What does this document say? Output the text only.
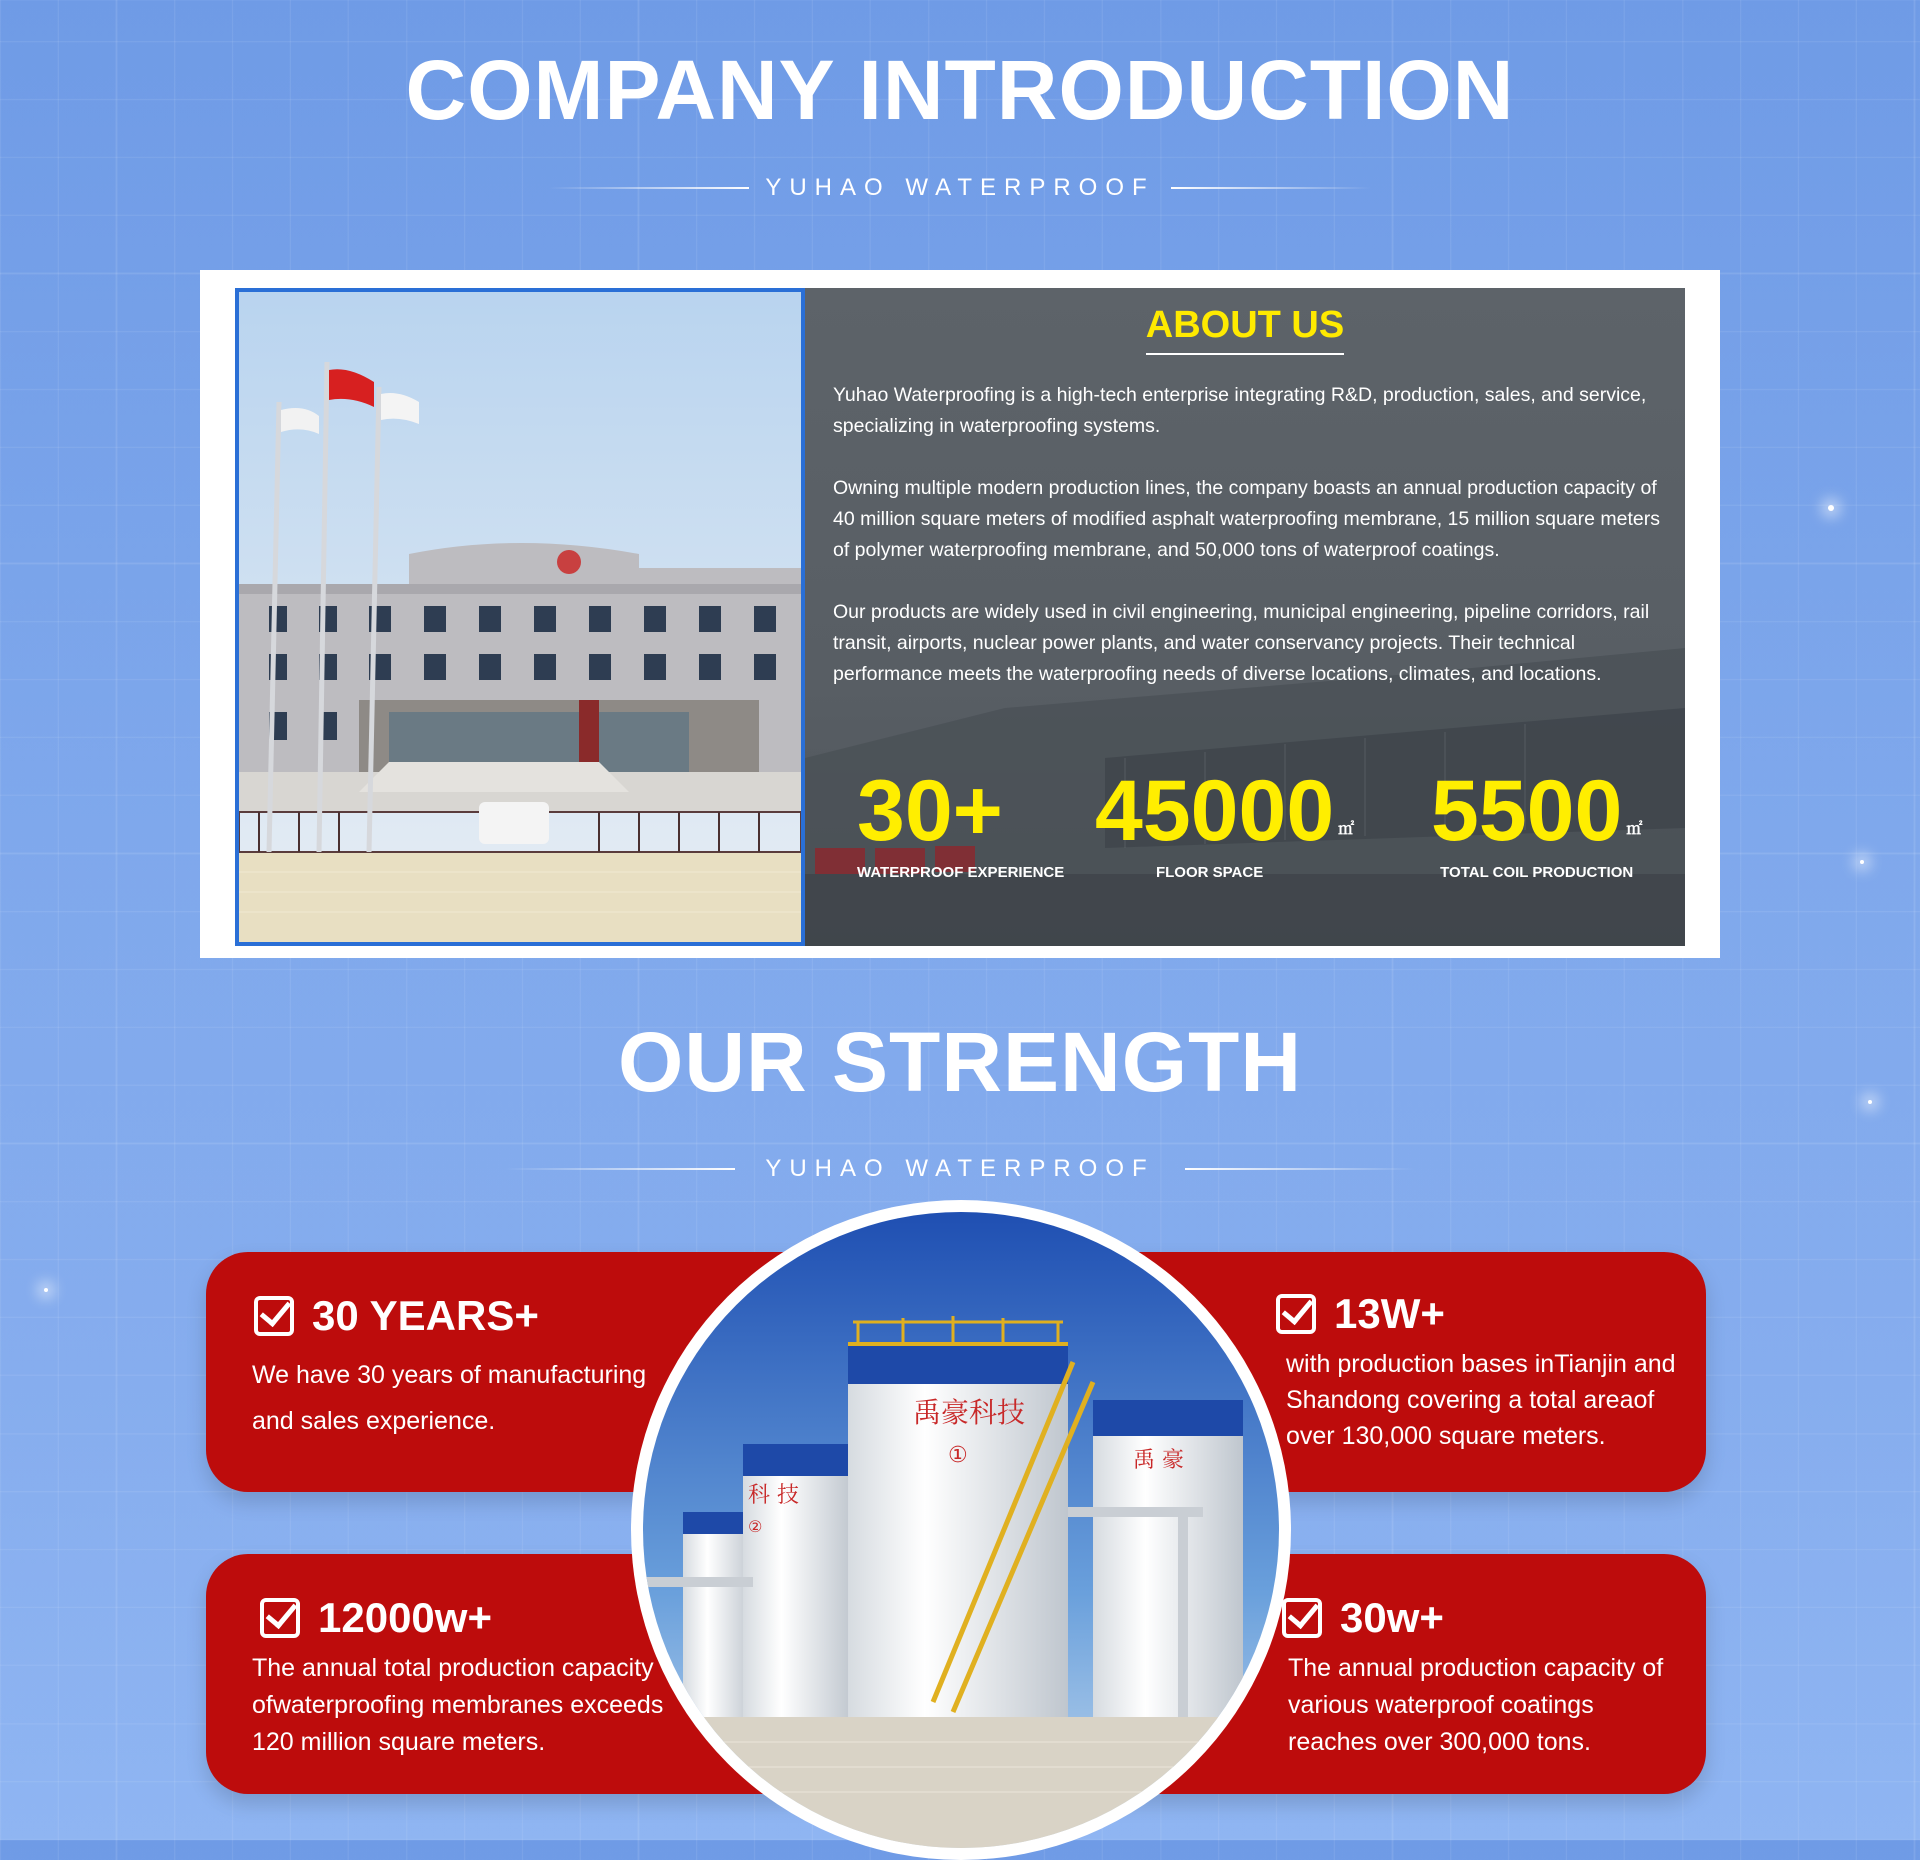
COMPANY INTRODUCTION
YUHAO WATERPROOF
ABOUT US

Yuhao Waterproofing is a high-tech enterprise integrating R&D, production, sales, and service, specializing in waterproofing systems.

Owning multiple modern production lines, the company boasts an annual production capacity of 40 million square meters of modified asphalt waterproofing membrane, 15 million square meters of polymer waterproofing membrane, and 50,000 tons of waterproof coatings.

Our products are widely used in civil engineering, municipal engineering, pipeline corridors, rail transit, airports, nuclear power plants, and water conservancy projects. Their technical performance meets the waterproofing needs of diverse locations, climates, and locations.

30+
WATERPROOF EXPERIENCE
45000 ㎡
FLOOR SPACE
5500 ㎡
TOTAL COIL PRODUCTION
OUR STRENGTH
YUHAO WATERPROOF
30 YEARS+
We have 30 years of manufacturing and sales experience.
13W+
with production bases inTianjin and Shandong covering a total areaof over 130,000 square meters.
12000w+
The annual total production capacity ofwaterproofing membranes exceeds 120 million square meters.
30w+
The annual production capacity of various waterproof coatings reaches over 300,000 tons.
禹豪科技
①
科 技
禹 豪
②
